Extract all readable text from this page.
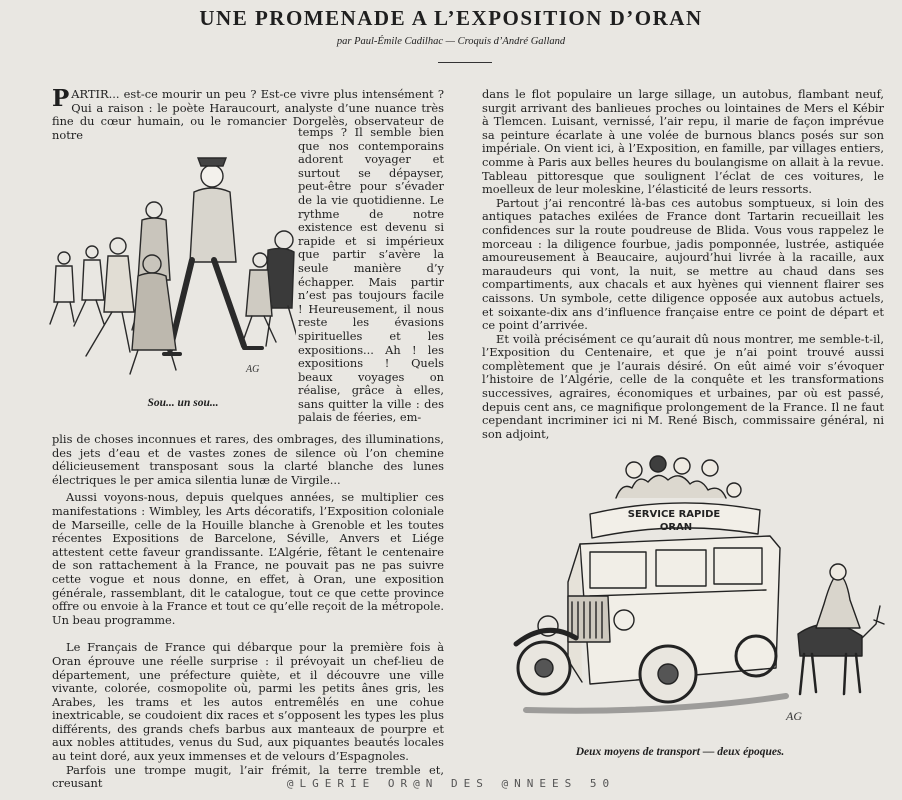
UNE PROMENADE A L’EXPOSITION D’ORAN
par Paul-Émile Cadilhac — Croquis d’André Galland

P ARTIR... est-ce mourir un peu ? Est-ce vivre plus intensément ? Qui a raison : le poète Haraucourt, analyste d’une nuance très fine du cœur humain, ou le romancier Dorgelès, observateur de notre	temps ? Il semble bien que nos contemporains adorent voyager et surtout se dépayser, peut-être pour s’évader de la vie quotidienne. Le rythme de notre existence est devenu si rapide et si impérieux que partir s’avère la seule manière d’y échapper. Mais partir n’est pas toujours facile ! Heureusement, il nous reste les évasions spirituelles et les expositions... Ah ! les expositions ! Quels beaux voyages on réalise, grâce à elles, sans quitter la ville : des palais de féeries, em-
AG
Sou... un sou...

plis de choses inconnues et rares, des ombrages, des illuminations, des jets d’eau et de vastes zones de silence où l’on chemine délicieusement transposant sous la clarté blanche des lunes électriques le per amica silentia lunæ de Virgile...

Aussi voyons-nous, depuis quelques années, se multiplier ces manifestations : Wimbley, les Arts décoratifs, l’Exposition coloniale de Marseille, celle de la Houille blanche à Grenoble et les toutes récentes Expositions de Barcelone, Séville, Anvers et Liége attestent cette faveur grandissante. L’Algérie, fêtant le centenaire de son rattachement à la France, ne pouvait pas ne pas suivre cette vogue et nous donne, en effet, à Oran, une exposition générale, rassemblant, dit le catalogue, tout ce que cette province offre ou envoie à la France et tout ce qu’elle reçoit de la métropole. Un beau programme.

Le Français de France qui débarque pour la première fois à Oran éprouve une réelle surprise : il prévoyait un chef-lieu de département, une préfecture quiète, et il découvre une ville vivante, colorée, cosmopolite où, parmi les petits ânes gris, les Arabes, les trams et les autos entremêlés en une cohue inextricable, se coudoient dix races et s’opposent les types les plus différents, des grands chefs barbus aux manteaux de pourpre et aux nobles attitudes, venus du Sud, aux piquantes beautés locales au teint doré, aux yeux immenses et de velours d’Espagnoles.

Parfois une trompe mugit, l’air frémit, la terre tremble et, creusant

dans le flot populaire un large sillage, un autobus, flambant neuf, surgit arrivant des banlieues proches ou lointaines de Mers el Kébir à Tlemcen. Luisant, vernissé, l’air repu, il marie de façon imprévue sa peinture écarlate à une volée de burnous blancs posés sur son impériale. On vient ici, à l’Exposition, en famille, par villages entiers, comme à Paris aux belles heures du boulangisme on allait à la revue. Tableau pittoresque que soulignent l’éclat de ces voitures, le moelleux de leur moleskine, l’élasticité de leurs ressorts.

Partout j’ai rencontré là-bas ces autobus somptueux, si loin des antiques pataches exilées de France dont Tartarin recueillait les confidences sur la route poudreuse de Blida. Vous vous rappelez le morceau : la diligence fourbue, jadis pomponnée, lustrée, astiquée amoureusement à Beaucaire, aujourd’hui livrée à la racaille, aux maraudeurs qui vont, la nuit, se mettre au chaud dans ses compartiments, aux chacals et aux hyènes qui viennent flairer ses caissons. Un symbole, cette diligence opposée aux autobus actuels, et soixante-dix ans d’influence française entre ce point de départ et ce point d’arrivée.

Et voilà précisément ce qu’aurait dû nous montrer, me semble-t-il, l’Exposition du Centenaire, et que je n’ai point trouvé aussi complètement que je l’aurais désiré. On eût aimé voir s’évoquer l’histoire de l’Algérie, celle de la conquête et les transformations successives, agraires, économiques et urbaines, par où est passé, depuis cent ans, ce magnifique prolongement de la France. Il ne faut cependant incriminer ici ni M. René Bisch, commissaire général, ni son adjoint,

SERVICE RAPIDE
ORAN
AG
Deux moyens de transport — deux époques.
@LGERIE OR@N DES @NNEES 50
